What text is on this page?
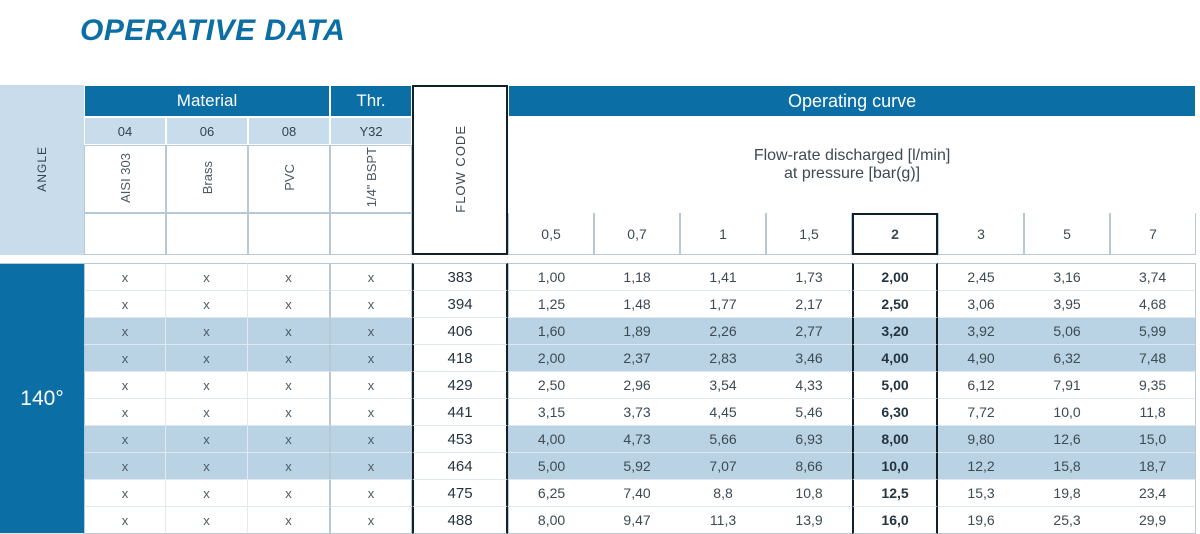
OPERATIVE DATA
ANGLE	Material			Thr.	FLOW CODE	Operating curve							
	04	06	08	Y32		Flow-rate discharged [l/min]
at pressure [bar(g)]							

	AISI 303	Brass	PVC	1/4" BSPT									
						0,5	0,7	1	1,5	2	3	5	7

140°	x	x	x	x	383	1,00	1,18	1,41	1,73	2,00	2,45	3,16	3,74
	x	x	x	x	394	1,25	1,48	1,77	2,17	2,50	3,06	3,95	4,68
	x	x	x	x	406	1,60	1,89	2,26	2,77	3,20	3,92	5,06	5,99
	x	x	x	x	418	2,00	2,37	2,83	3,46	4,00	4,90	6,32	7,48
	x	x	x	x	429	2,50	2,96	3,54	4,33	5,00	6,12	7,91	9,35
	x	x	x	x	441	3,15	3,73	4,45	5,46	6,30	7,72	10,0	11,8
	x	x	x	x	453	4,00	4,73	5,66	6,93	8,00	9,80	12,6	15,0
	x	x	x	x	464	5,00	5,92	7,07	8,66	10,0	12,2	15,8	18,7
	x	x	x	x	475	6,25	7,40	8,8	10,8	12,5	15,3	19,8	23,4
	x	x	x	x	488	8,00	9,47	11,3	13,9	16,0	19,6	25,3	29,9
